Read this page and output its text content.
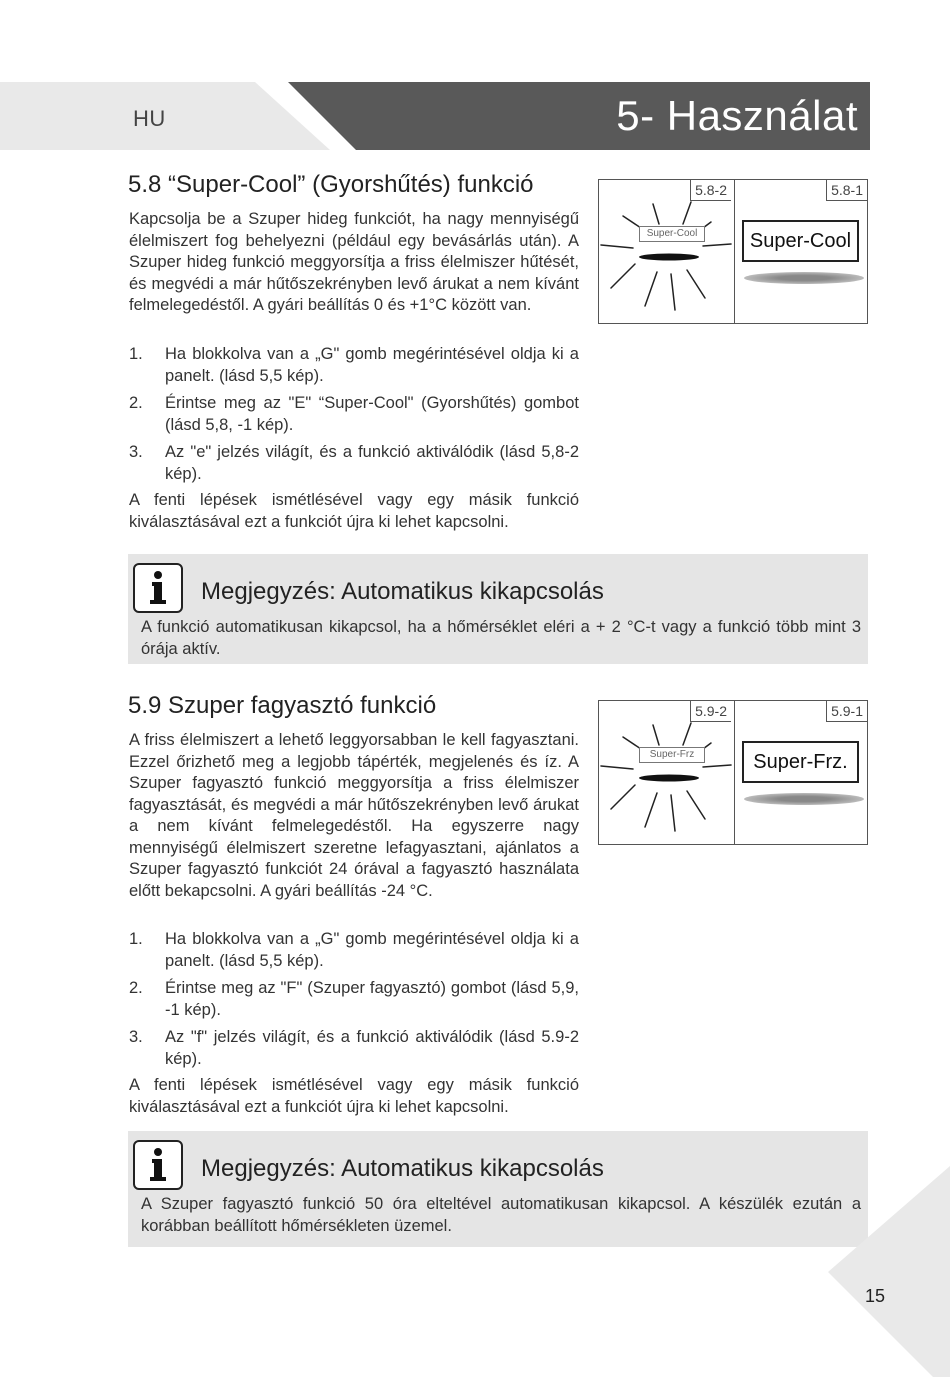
HU	5- Használat
5.8 “Super-Cool” (Gyorshűtés) funkció

Kapcsolja be a Szuper hideg funkciót, ha nagy mennyiségű élelmiszert fog behelyezni (például egy bevásárlás után). A Szuper hideg funkció meggyorsítja a friss élelmiszer hűtését, és megvédi a már hűtőszekrényben levő árukat a nem kívánt felmelegedéstől. A gyári beállítás 0 és +1°C között van.

1. Ha blokkolva van a „G" gomb megérintésével oldja ki a panelt. (lásd 5,5 kép).
2. Érintse meg az "E" “Super-Cool" (Gyorshűtés) gombot (lásd 5,8, -1 kép).
3. Az "e" jelzés világít, és a funkció aktiválódik (lásd 5,8-2 kép).

A fenti lépések ismétlésével vagy egy másik funkció kiválasztásával ezt a funkciót újra ki lehet kapcsolni.

Super-Cool
5.8-2	5.8-1
Super-Cool
Megjegyzés: Automatikus kikapcsolás
A funkció automatikusan kikapcsol, ha a hőmérséklet eléri a + 2 °C-t vagy a funkció több mint 3 órája aktív.
5.9 Szuper fagyasztó funkció

A friss élelmiszert a lehető leggyorsabban le kell fagyasztani. Ezzel őrizhető meg a legjobb tápérték, megjelenés és íz. A Szuper fagyasztó funkció meggyorsítja a friss élelmiszer fagyasztását, és megvédi a már hűtőszekrényben levő árukat a nem kívánt felmelegedéstől. Ha egyszerre nagy mennyiségű élelmiszert szeretne lefagyasztani, ajánlatos a Szuper fagyasztó funkciót 24 órával a fagyasztó használata előtt bekapcsolni. A gyári beállítás -24 °C.

1. Ha blokkolva van a „G" gomb megérintésével oldja ki a panelt. (lásd 5,5 kép).
2. Érintse meg az "F" (Szuper fagyasztó) gombot (lásd 5,9, -1 kép).
3. Az "f" jelzés világít, és a funkció aktiválódik (lásd 5.9-2 kép).

A fenti lépések ismétlésével vagy egy másik funkció kiválasztásával ezt a funkciót újra ki lehet kapcsolni.

Super-Frz
5.9-2	5.9-1
Super-Frz.
Megjegyzés: Automatikus kikapcsolás
A Szuper fagyasztó funkció 50 óra elteltével automatikusan kikapcsol. A készülék ezután a korábban beállított hőmérsékleten üzemel.
15
